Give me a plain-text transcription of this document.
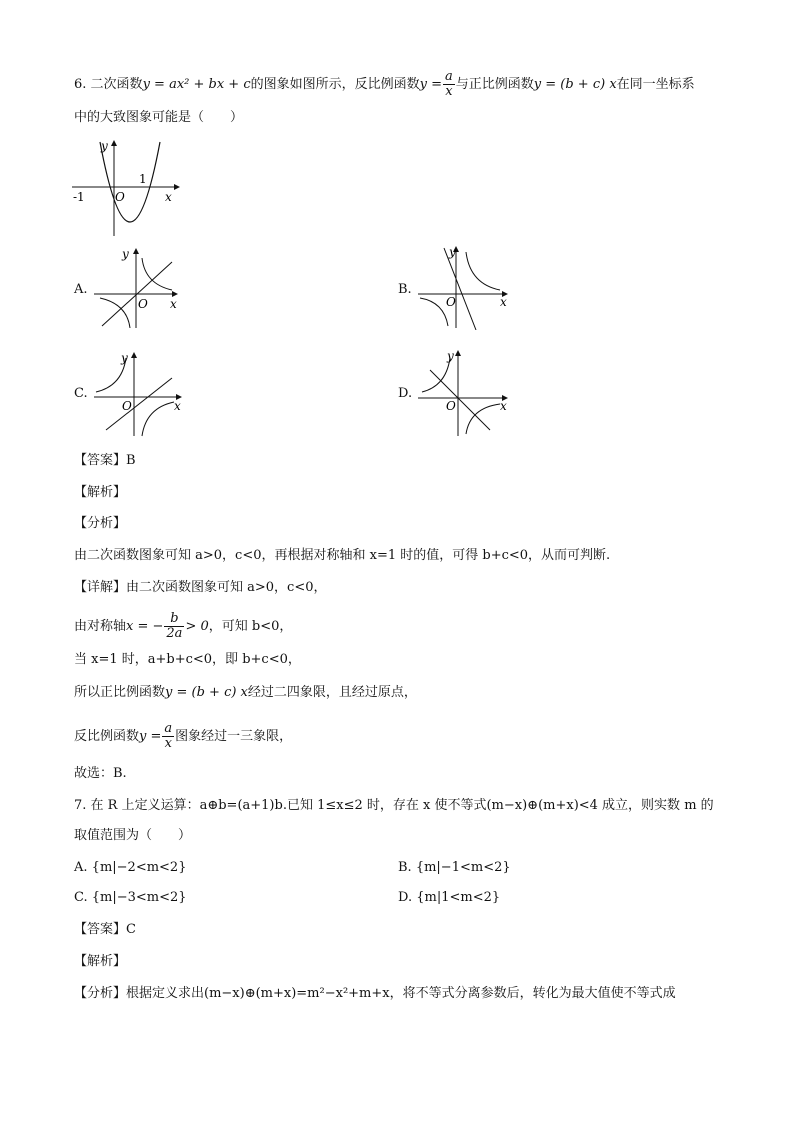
6. 二次函数y = ax² + bx + c的图象如图所示，反比例函数$y = \frac{a}{x}$ 与正比例函数y = (b + c) x在同一坐标系
中的大致图象可能是（　　）
y
x
O
-1
1
A.
y
x
O
B.
y
x
O
C.
y
x
O
D.
y
x
O
【答案】B
【解析】
【分析】
由二次函数图象可知 a>0，c<0，再根据对称轴和 x=1 时的值，可得 b+c<0，从而可判断.
【详解】由二次函数图象可知 a>0，c<0，
由对称轴x = − $\frac{b}{2a} > 0$，可知 b<0，
当 x=1 时，a+b+c<0，即 b+c<0，
所以正比例函数y = (b + c) x经过二四象限，且经过原点，
反比例函数$y = \frac{a}{x}$ 图象经过一三象限，
故选：B.
7. 在 R 上定义运算：a⊕b=(a+1)b.已知 1≤x≤2 时，存在 x 使不等式(m−x)⊕(m+x)<4 成立，则实数 m 的
取值范围为（　　）
A. {m|−2<m<2}	B. {m|−1<m<2}
C. {m|−3<m<2}	D. {m|1<m<2}
【答案】C
【解析】
【分析】根据定义求出(m−x)⊕(m+x)=m²−x²+m+x，将不等式分离参数后，转化为最大值使不等式成
